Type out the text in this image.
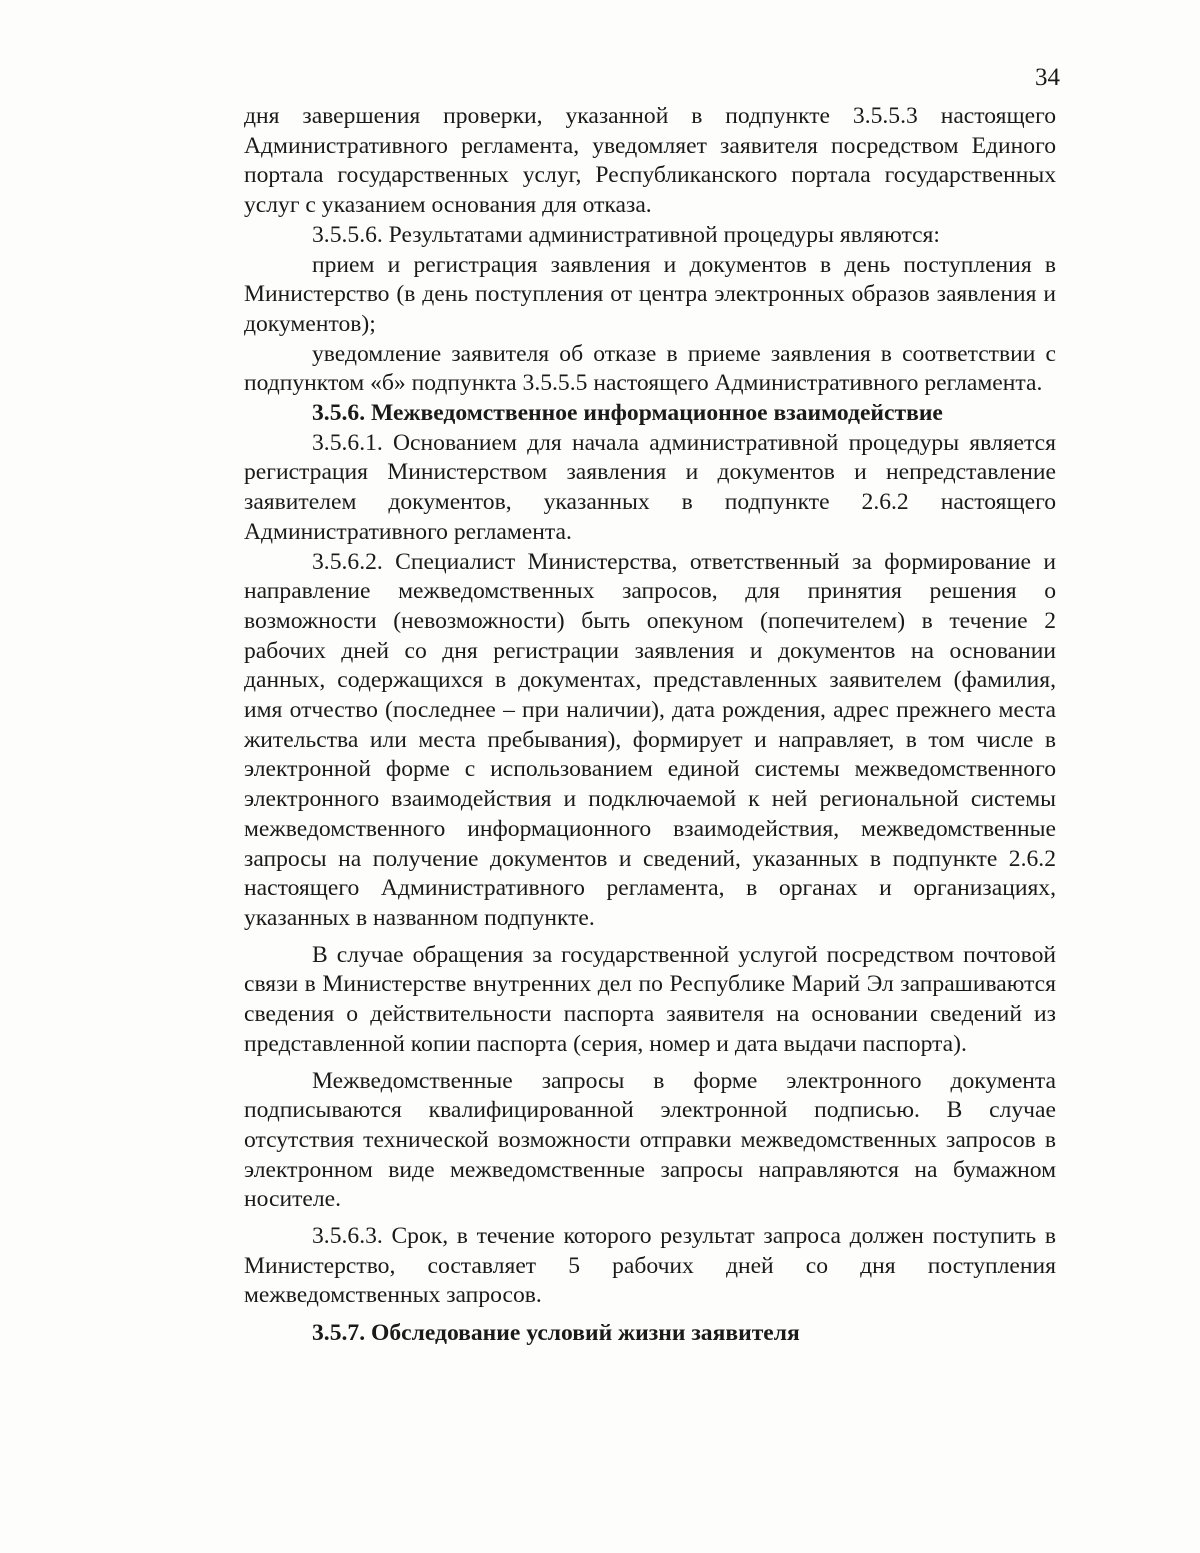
34

дня завершения проверки, указанной в подпункте 3.5.5.3 настоящего Административного регламента, уведомляет заявителя посредством Единого портала государственных услуг, Республиканского портала государственных услуг с указанием основания для отказа.

3.5.5.6. Результатами административной процедуры являются:

прием и регистрация заявления и документов в день поступления в Министерство (в день поступления от центра электронных образов заявления и документов);

уведомление заявителя об отказе в приеме заявления в соответствии с подпунктом «б» подпункта 3.5.5.5 настоящего Административного регламента.

3.5.6. Межведомственное информационное взаимодействие

3.5.6.1. Основанием для начала административной процедуры является регистрация Министерством заявления и документов и непредставление заявителем документов, указанных в подпункте 2.6.2 настоящего Административного регламента.

3.5.6.2. Специалист Министерства, ответственный за формирование и направление межведомственных запросов, для принятия решения о возможности (невозможности) быть опекуном (попечителем) в течение 2 рабочих дней со дня регистрации заявления и документов на основании данных, содержащихся в документах, представленных заявителем (фамилия, имя отчество (последнее – при наличии), дата рождения, адрес прежнего места жительства или места пребывания), формирует и направляет, в том числе в электронной форме с использованием единой системы межведомственного электронного взаимодействия и подключаемой к ней региональной системы межведомственного информационного взаимодействия, межведомственные запросы на получение документов и сведений, указанных в подпункте 2.6.2 настоящего Административного регламента, в органах и организациях, указанных в названном подпункте.

В случае обращения за государственной услугой посредством почтовой связи в Министерстве внутренних дел по Республике Марий Эл запрашиваются сведения о действительности паспорта заявителя на основании сведений из представленной копии паспорта (серия, номер и дата выдачи паспорта).

Межведомственные запросы в форме электронного документа подписываются квалифицированной электронной подписью. В случае отсутствия технической возможности отправки межведомственных запросов в электронном виде межведомственные запросы направляются на бумажном носителе.

3.5.6.3. Срок, в течение которого результат запроса должен поступить в Министерство, составляет 5 рабочих дней со дня поступления межведомственных запросов.

3.5.7. Обследование условий жизни заявителя
